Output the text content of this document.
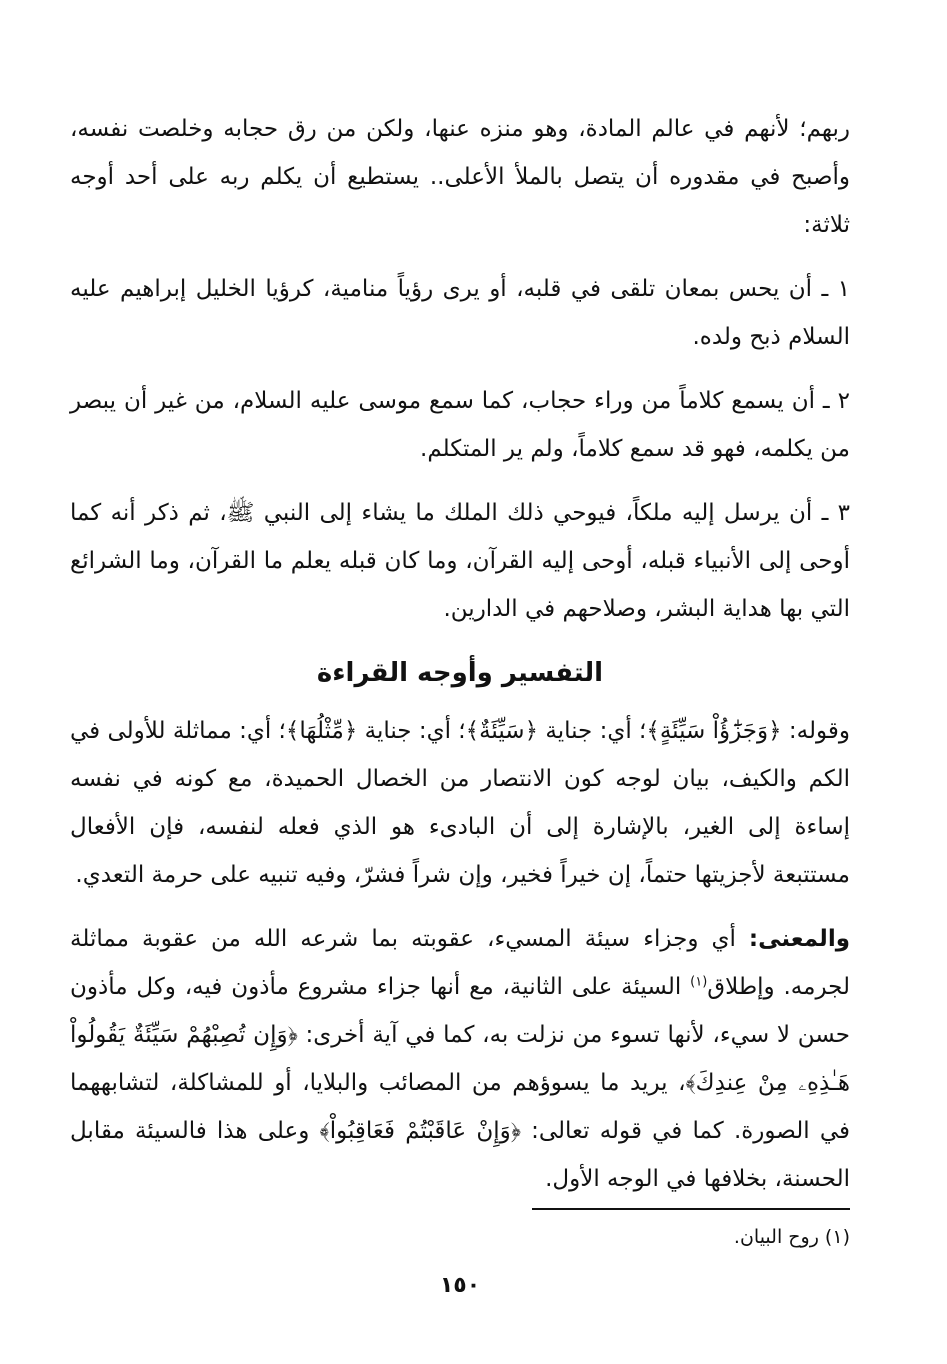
ربهم؛ لأنهم في عالم المادة، وهو منزه عنها، ولكن من رق حجابه وخلصت نفسه، وأصبح في مقدوره أن يتصل بالملأ الأعلى.. يستطيع أن يكلم ربه على أحد أوجه ثلاثة:

١ ـ أن يحس بمعان تلقى في قلبه، أو يرى رؤياً منامية، كرؤيا الخليل إبراهيم عليه السلام ذبح ولده.

٢ ـ أن يسمع كلاماً من وراء حجاب، كما سمع موسى عليه السلام، من غير أن يبصر من يكلمه، فهو قد سمع كلاماً، ولم ير المتكلم.

٣ ـ أن يرسل إليه ملكاً، فيوحي ذلك الملك ما يشاء إلى النبي ﷺ، ثم ذكر أنه كما أوحى إلى الأنبياء قبله، أوحى إليه القرآن، وما كان قبله يعلم ما القرآن، وما الشرائع التي بها هداية البشر، وصلاحهم في الدارين.

التفسير وأوجه القراءة

وقوله: ﴿وَجَزَٰٓؤُاْ سَيِّئَةٍ﴾؛ أي: جناية ﴿سَيِّئَةٌ﴾؛ أي: جناية ﴿مِّثْلُهَا﴾؛ أي: مماثلة للأولى في الكم والكيف، بيان لوجه كون الانتصار من الخصال الحميدة، مع كونه في نفسه إساءة إلى الغير، بالإشارة إلى أن البادىء هو الذي فعله لنفسه، فإن الأفعال مستتبعة لأجزيتها حتماً، إن خيراً فخير، وإن شراً فشرّ، وفيه تنبيه على حرمة التعدي.

والمعنى: أي وجزاء سيئة المسيء، عقوبته بما شرعه الله من عقوبة مماثلة لجرمه. وإطلاق$^{(١)}$ السيئة على الثانية، مع أنها جزاء مشروع مأذون فيه، وكل مأذون حسن لا سيء، لأنها تسوء من نزلت به، كما في آية أخرى: ﴿وَإِن تُصِبْهُمْ سَيِّئَةٌ يَقُولُواْ هَـٰذِهِۦ مِنْ عِندِكَ﴾، يريد ما يسوؤهم من المصائب والبلايا، أو للمشاكلة، لتشابههما في الصورة. كما في قوله تعالى: ﴿وَإِنْ عَاقَبْتُمْ فَعَاقِبُواْ﴾ وعلى هذا فالسيئة مقابل الحسنة، بخلافها في الوجه الأول.

(١) روح البيان.
١٥٠
